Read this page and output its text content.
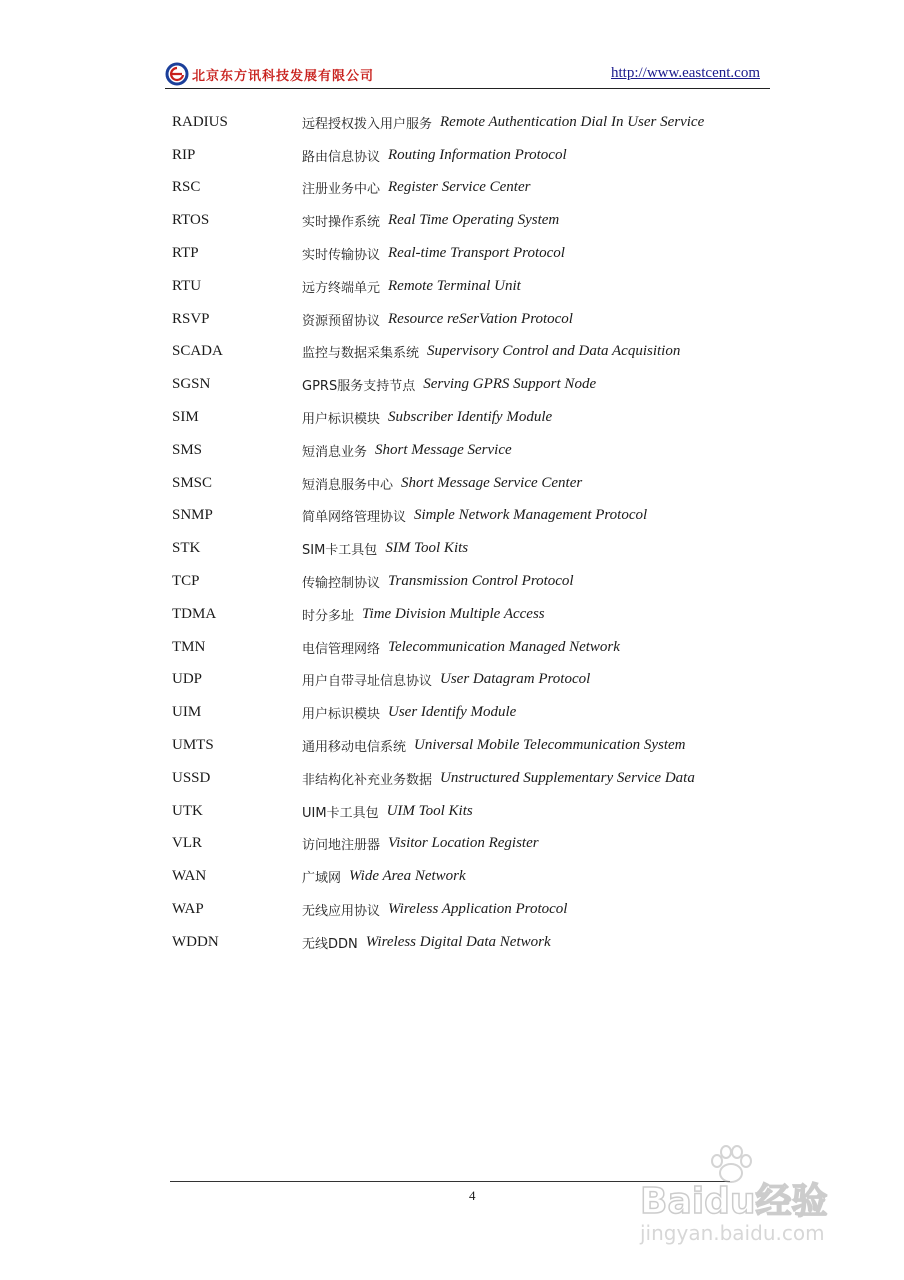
北京东方讯科技发展有限公司	http://www.eastcent.com
RADIUS	远程授权拨入用户服务 Remote Authentication Dial In User Service
RIP	路由信息协议 Routing Information Protocol
RSC	注册业务中心 Register Service Center
RTOS	实时操作系统 Real Time Operating System
RTP	实时传输协议 Real-time Transport Protocol
RTU	远方终端单元 Remote Terminal Unit
RSVP	资源预留协议 Resource reSerVation Protocol
SCADA	监控与数据采集系统 Supervisory Control and Data Acquisition
SGSN	GPRS服务支持节点 Serving GPRS Support Node
SIM	用户标识模块 Subscriber Identify Module
SMS	短消息业务 Short Message Service
SMSC	短消息服务中心 Short Message Service Center
SNMP	简单网络管理协议 Simple Network Management Protocol
STK	SIM卡工具包 SIM Tool Kits
TCP	传输控制协议 Transmission Control Protocol
TDMA	时分多址 Time Division Multiple Access
TMN	电信管理网络 Telecommunication Managed Network
UDP	用户自带寻址信息协议 User Datagram Protocol
UIM	用户标识模块 User Identify Module
UMTS	通用移动电信系统 Universal Mobile Telecommunication System
USSD	非结构化补充业务数据 Unstructured Supplementary Service Data
UTK	UIM卡工具包 UIM Tool Kits
VLR	访问地注册器 Visitor Location Register
WAN	广域网 Wide Area Network
WAP	无线应用协议 Wireless Application Protocol
WDDN	无线DDN Wireless Digital Data Network
4	Baidu经验
jingyan.baidu.com
